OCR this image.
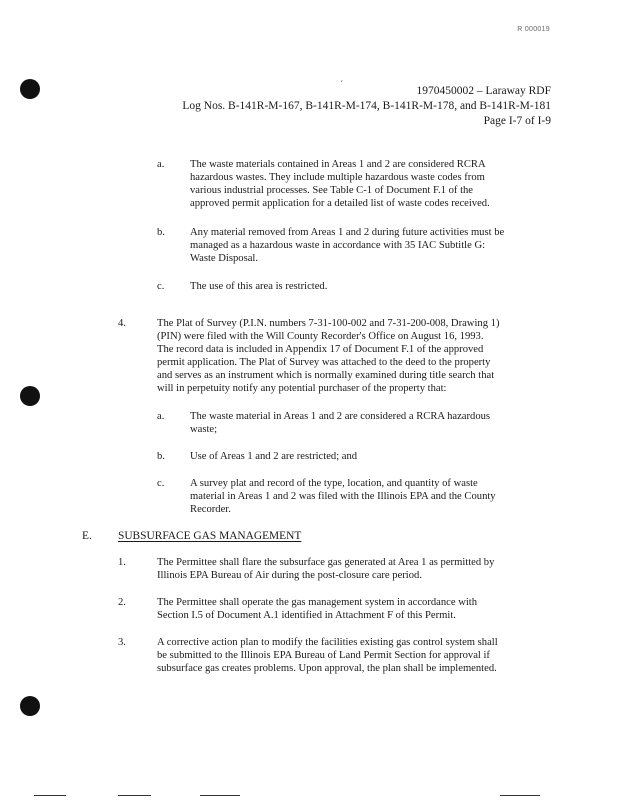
R 000019
´	1970450002 – Laraway RDF
Log Nos. B-141R-M-167, B-141R-M-174, B-141R-M-178, and B-141R-M-181
Page I-7 of I-9
a. The waste materials contained in Areas 1 and 2 are considered RCRA
hazardous wastes. They include multiple hazardous waste codes from
various industrial processes. See Table C-1 of Document F.1 of the
approved permit application for a detailed list of waste codes received.
b. Any material removed from Areas 1 and 2 during future activities must be
managed as a hazardous waste in accordance with 35 IAC Subtitle G:
Waste Disposal.
c. The use of this area is restricted.
4.	The Plat of Survey (P.I.N. numbers 7-31-100-002 and 7-31-200-008, Drawing 1)
(PIN) were filed with the Will County Recorder's Office on August 16, 1993.
The record data is included in Appendix 17 of Document F.1 of the approved
permit application. The Plat of Survey was attached to the deed to the property
and serves as an instrument which is normally examined during title search that
will in perpetuity notify any potential purchaser of the property that:
a. The waste material in Areas 1 and 2 are considered a RCRA hazardous
waste;
b. Use of Areas 1 and 2 are restricted; and
c. A survey plat and record of the type, location, and quantity of waste
material in Areas 1 and 2 was filed with the Illinois EPA and the County
Recorder.
E. SUBSURFACE GAS MANAGEMENT
1.	The Permittee shall flare the subsurface gas generated at Area 1 as permitted by
Illinois EPA Bureau of Air during the post-closure care period.
2.	The Permittee shall operate the gas management system in accordance with
Section I.5 of Document A.1 identified in Attachment F of this Permit.
3.	A corrective action plan to modify the facilities existing gas control system shall
be submitted to the Illinois EPA Bureau of Land Permit Section for approval if
subsurface gas creates problems. Upon approval, the plan shall be implemented.
